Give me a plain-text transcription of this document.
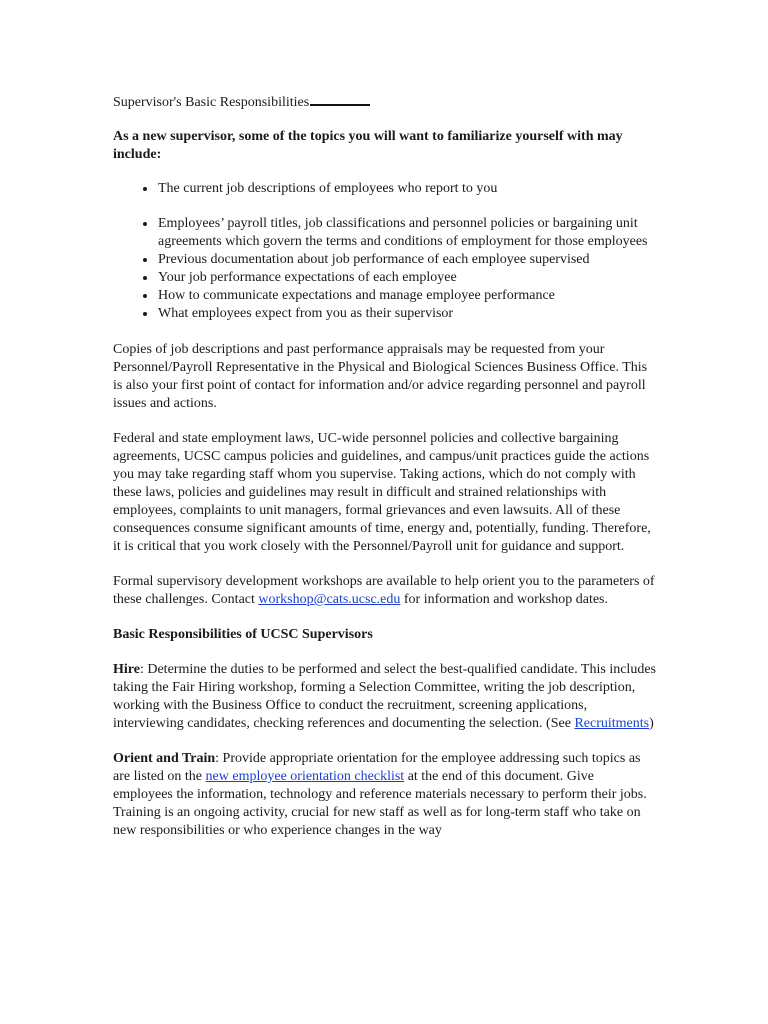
Supervisor's Basic Responsibilities
As a new supervisor, some of the topics you will want to familiarize yourself with may include:
• The current job descriptions of employees who report to you
• Employees’ payroll titles, job classifications and personnel policies or bargaining unit agreements which govern the terms and conditions of employment for those employees
• Previous documentation about job performance of each employee supervised
• Your job performance expectations of each employee
• How to communicate expectations and manage employee performance
• What employees expect from you as their supervisor

Copies of job descriptions and past performance appraisals may be requested from your Personnel/Payroll Representative in the Physical and Biological Sciences Business Office. This is also your first point of contact for information and/or advice regarding personnel and payroll issues and actions.

Federal and state employment laws, UC-wide personnel policies and collective bargaining agreements, UCSC campus policies and guidelines, and campus/unit practices guide the actions you may take regarding staff whom you supervise. Taking actions, which do not comply with these laws, policies and guidelines may result in difficult and strained relationships with employees, complaints to unit managers, formal grievances and even lawsuits. All of these consequences consume significant amounts of time, energy and, potentially, funding. Therefore, it is critical that you work closely with the Personnel/Payroll unit for guidance and support.

Formal supervisory development workshops are available to help orient you to the parameters of these challenges. Contact workshop@cats.ucsc.edu for information and workshop dates.

Basic Responsibilities of UCSC Supervisors

Hire: Determine the duties to be performed and select the best-qualified candidate. This includes taking the Fair Hiring workshop, forming a Selection Committee, writing the job description, working with the Business Office to conduct the recruitment, screening applications, interviewing candidates, checking references and documenting the selection. (See Recruitments)

Orient and Train: Provide appropriate orientation for the employee addressing such topics as are listed on the new employee orientation checklist at the end of this document. Give employees the information, technology and reference materials necessary to perform their jobs. Training is an ongoing activity, crucial for new staff as well as for long-term staff who take on new responsibilities or who experience changes in the way
